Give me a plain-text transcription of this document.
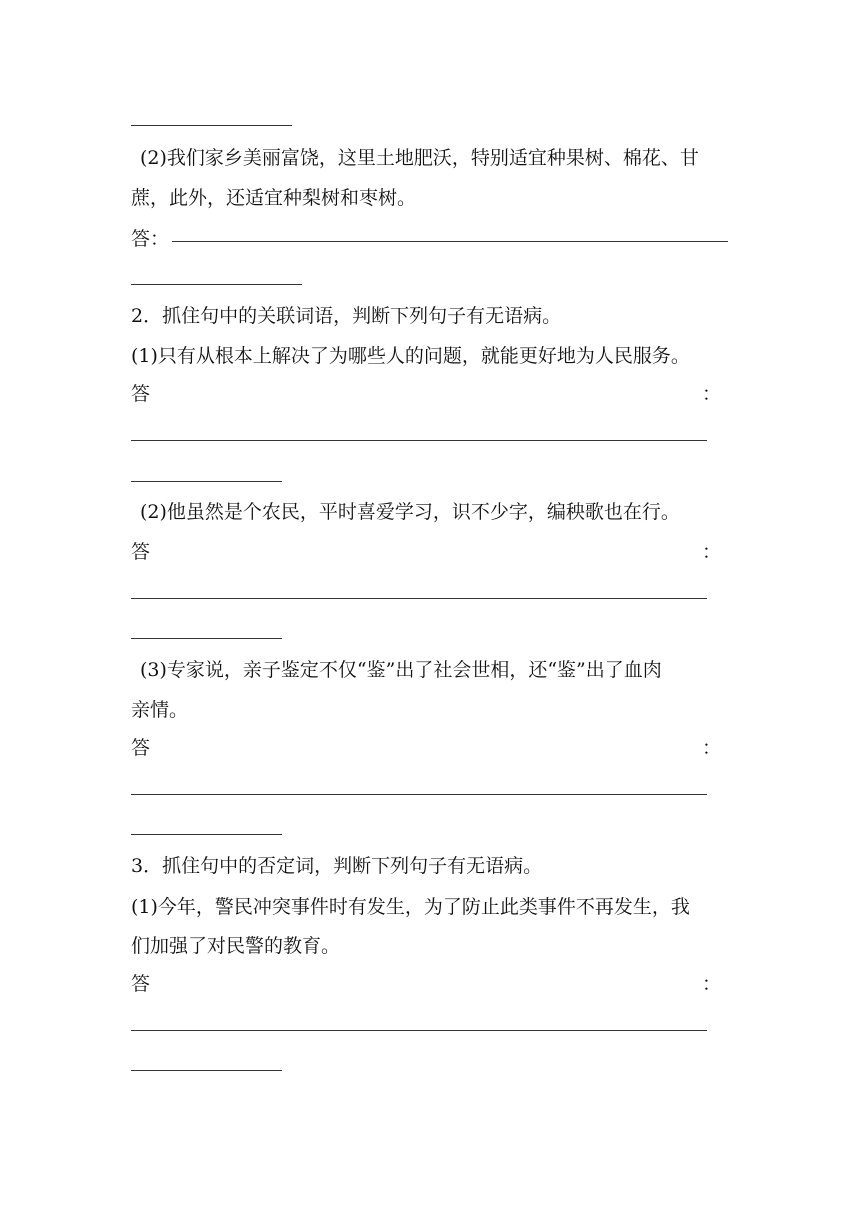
(2)我们家乡美丽富饶，这里土地肥沃，特别适宜种果树、棉花、甘
蔗，此外，还适宜种梨树和枣树。
答：
2．抓住句中的关联词语，判断下列句子有无语病。
(1)只有从根本上解决了为哪些人的问题，就能更好地为人民服务。
答	：
(2)他虽然是个农民，平时喜爱学习，识不少字，编秧歌也在行。
答	：
(3)专家说，亲子鉴定不仅“鉴”出了社会世相，还“鉴”出了血肉
亲情。
答	：
3．抓住句中的否定词，判断下列句子有无语病。
(1)今年，警民冲突事件时有发生，为了防止此类事件不再发生，我
们加强了对民警的教育。
答	：
